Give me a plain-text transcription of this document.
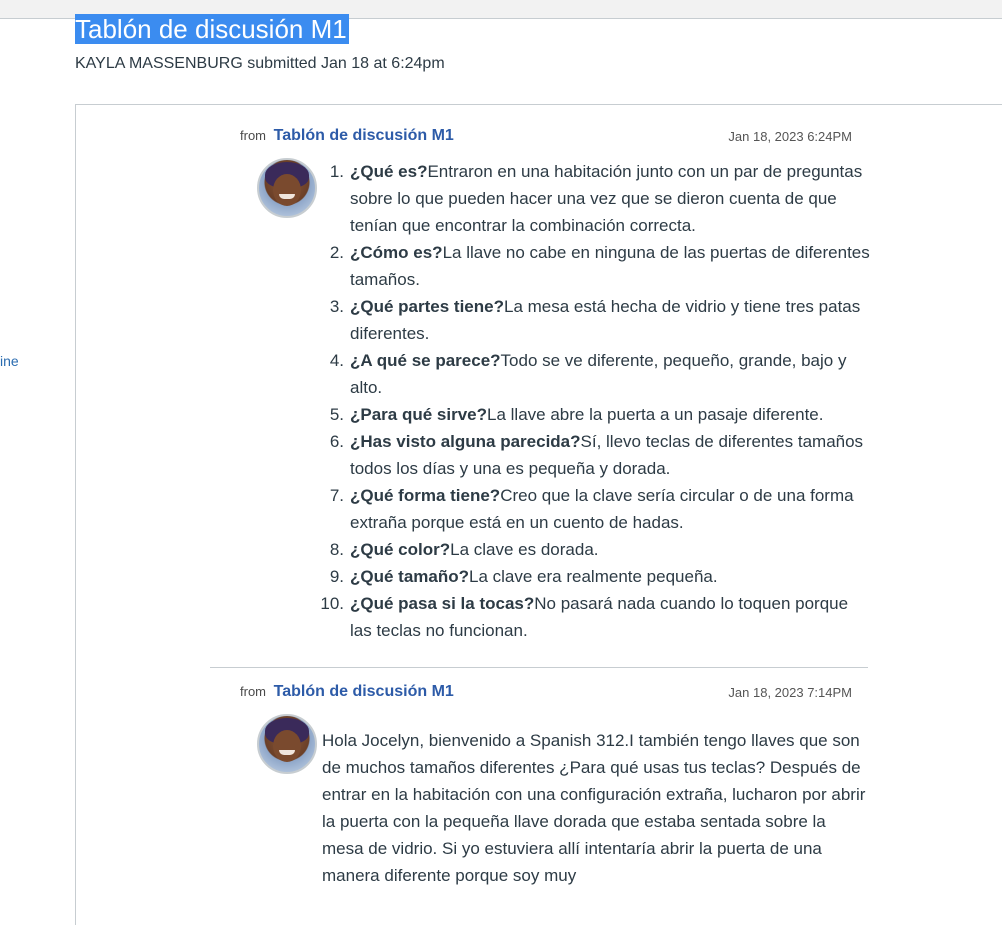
ine
Tablón de discusión M1
KAYLA MASSENBURG submitted Jan 18 at 6:24pm
from Tablón de discusión M1	Jan 18, 2023 6:24PM
1. ¿Qué es?Entraron en una habitación junto con un par de preguntas sobre lo que pueden hacer una vez que se dieron cuenta de que tenían que encontrar la combinación correcta.
2. ¿Cómo es?La llave no cabe en ninguna de las puertas de diferentes tamaños.
3. ¿Qué partes tiene?La mesa está hecha de vidrio y tiene tres patas diferentes.
4. ¿A qué se parece?Todo se ve diferente, pequeño, grande, bajo y alto.
5. ¿Para qué sirve?La llave abre la puerta a un pasaje diferente.
6. ¿Has visto alguna parecida?Sí, llevo teclas de diferentes tamaños todos los días y una es pequeña y dorada.
7. ¿Qué forma tiene?Creo que la clave sería circular o de una forma extraña porque está en un cuento de hadas.
8. ¿Qué color?La clave es dorada.
9. ¿Qué tamaño?La clave era realmente pequeña.
10. ¿Qué pasa si la tocas?No pasará nada cuando lo toquen porque las teclas no funcionan.
from Tablón de discusión M1	Jan 18, 2023 7:14PM
Hola Jocelyn, bienvenido a Spanish 312.I también tengo llaves que son de muchos tamaños diferentes ¿Para qué usas tus teclas? Después de entrar en la habitación con una configuración extraña, lucharon por abrir la puerta con la pequeña llave dorada que estaba sentada sobre la mesa de vidrio. Si yo estuviera allí intentaría abrir la puerta de una manera diferente porque soy muy
